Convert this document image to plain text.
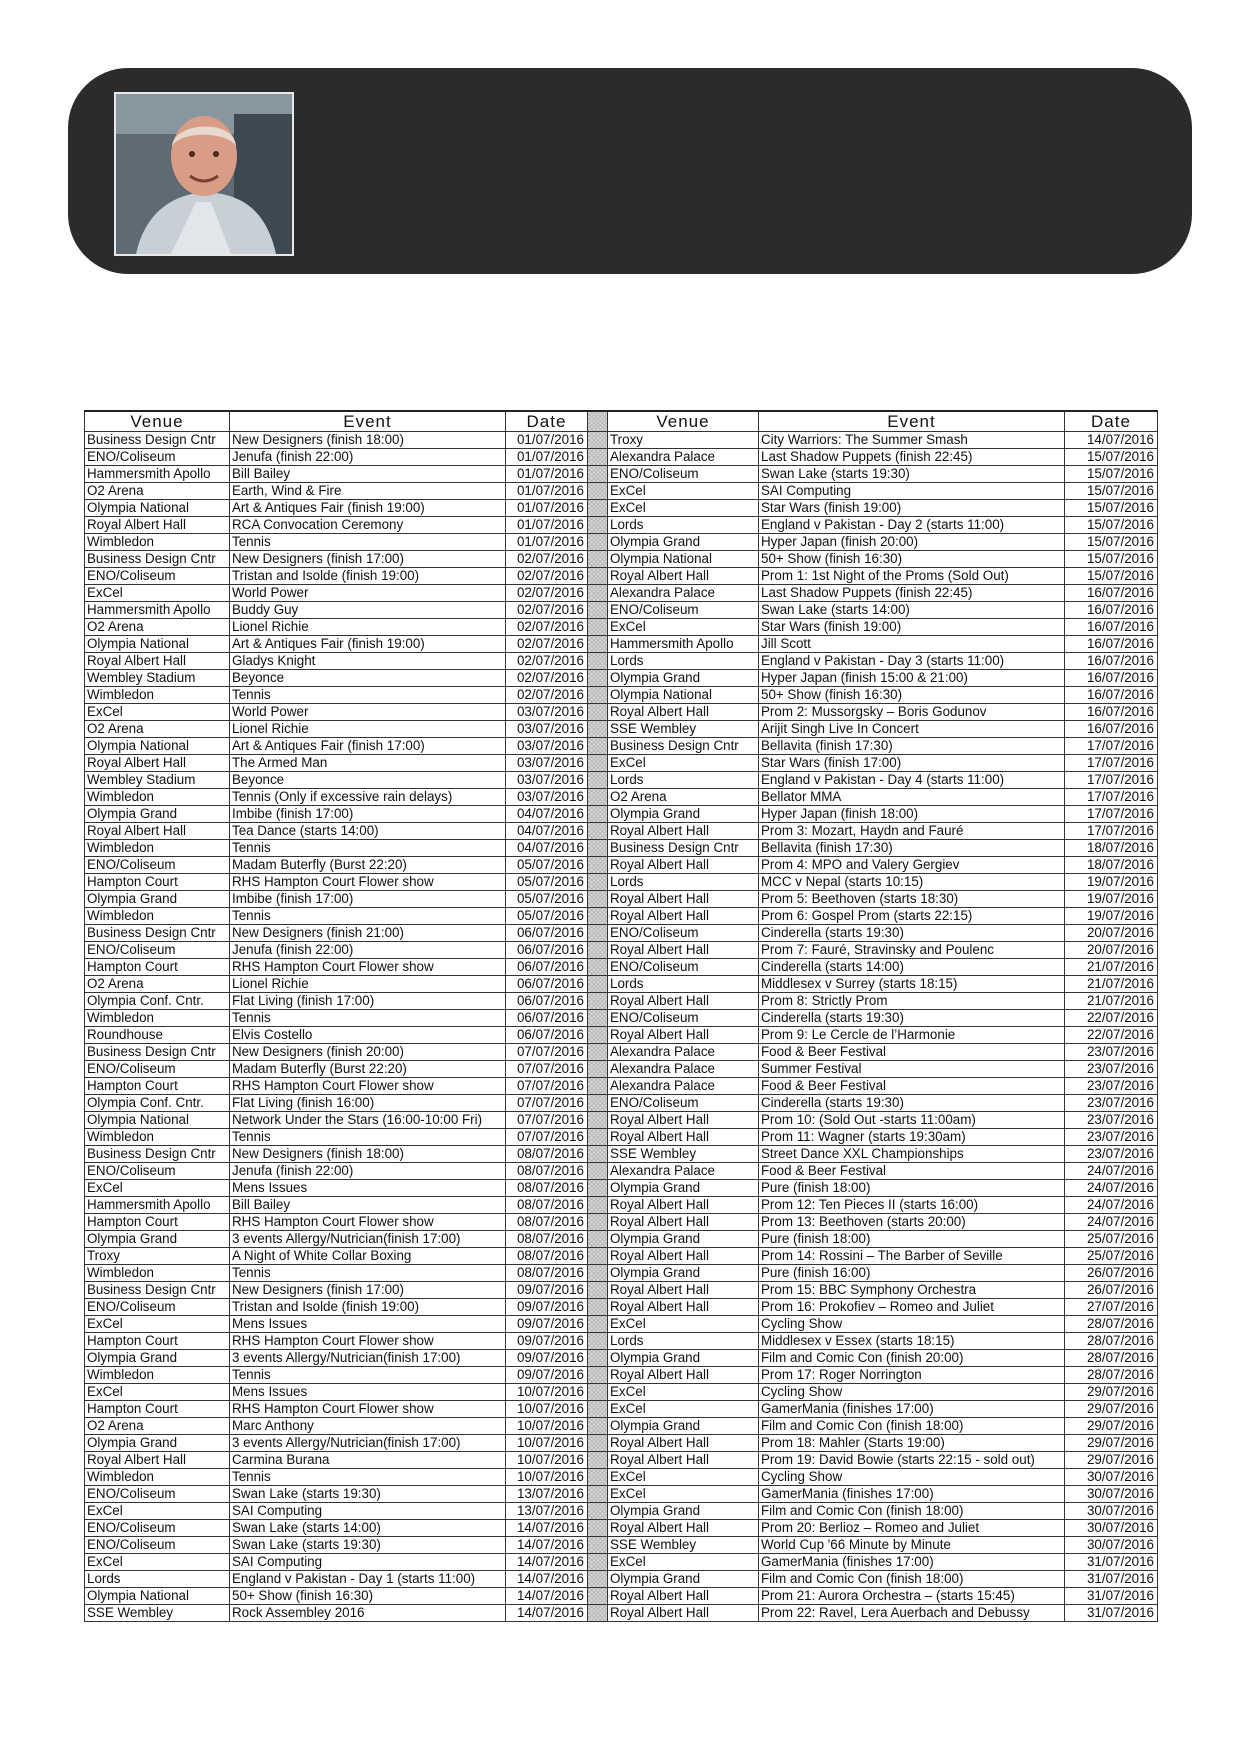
Venue	Event	Date		Venue	Event	Date
Business Design Cntr	New Designers (finish 18:00)	01/07/2016		Troxy	City Warriors: The Summer Smash	14/07/2016
ENO/Coliseum	Jenufa (finish 22:00)	01/07/2016		Alexandra Palace	Last Shadow Puppets (finish 22:45)	15/07/2016
Hammersmith Apollo	Bill Bailey	01/07/2016		ENO/Coliseum	Swan Lake (starts 19:30)	15/07/2016
O2 Arena	Earth, Wind & Fire	01/07/2016		ExCel	SAI Computing	15/07/2016
Olympia National	Art & Antiques Fair (finish 19:00)	01/07/2016		ExCel	Star Wars (finish 19:00)	15/07/2016
Royal Albert Hall	RCA Convocation Ceremony	01/07/2016		Lords	England v Pakistan - Day 2 (starts 11:00)	15/07/2016
Wimbledon	Tennis	01/07/2016		Olympia Grand	Hyper Japan (finish 20:00)	15/07/2016
Business Design Cntr	New Designers (finish 17:00)	02/07/2016		Olympia National	50+ Show (finish 16:30)	15/07/2016
ENO/Coliseum	Tristan and Isolde (finish 19:00)	02/07/2016		Royal Albert Hall	Prom 1: 1st Night of the Proms (Sold Out)	15/07/2016
ExCel	World Power	02/07/2016		Alexandra Palace	Last Shadow Puppets (finish 22:45)	16/07/2016
Hammersmith Apollo	Buddy Guy	02/07/2016		ENO/Coliseum	Swan Lake (starts 14:00)	16/07/2016
O2 Arena	Lionel Richie	02/07/2016		ExCel	Star Wars (finish 19:00)	16/07/2016
Olympia National	Art & Antiques Fair (finish 19:00)	02/07/2016		Hammersmith Apollo	Jill Scott	16/07/2016
Royal Albert Hall	Gladys Knight	02/07/2016		Lords	England v Pakistan - Day 3 (starts 11:00)	16/07/2016
Wembley Stadium	Beyonce	02/07/2016		Olympia Grand	Hyper Japan (finish 15:00 & 21:00)	16/07/2016
Wimbledon	Tennis	02/07/2016		Olympia National	50+ Show (finish 16:30)	16/07/2016
ExCel	World Power	03/07/2016		Royal Albert Hall	Prom 2: Mussorgsky – Boris Godunov	16/07/2016
O2 Arena	Lionel Richie	03/07/2016		SSE Wembley	Arijit Singh Live In Concert	16/07/2016
Olympia National	Art & Antiques Fair (finish 17:00)	03/07/2016		Business Design Cntr	Bellavita (finish 17:30)	17/07/2016
Royal Albert Hall	The Armed Man	03/07/2016		ExCel	Star Wars (finish 17:00)	17/07/2016
Wembley Stadium	Beyonce	03/07/2016		Lords	England v Pakistan - Day 4 (starts 11:00)	17/07/2016
Wimbledon	Tennis (Only if excessive rain delays)	03/07/2016		O2 Arena	Bellator MMA	17/07/2016
Olympia Grand	Imbibe (finish 17:00)	04/07/2016		Olympia Grand	Hyper Japan (finish 18:00)	17/07/2016
Royal Albert Hall	Tea Dance (starts 14:00)	04/07/2016		Royal Albert Hall	Prom 3: Mozart, Haydn and Fauré	17/07/2016
Wimbledon	Tennis	04/07/2016		Business Design Cntr	Bellavita (finish 17:30)	18/07/2016
ENO/Coliseum	Madam Buterfly (Burst 22:20)	05/07/2016		Royal Albert Hall	Prom 4: MPO and Valery Gergiev	18/07/2016
Hampton Court	RHS Hampton Court Flower show	05/07/2016		Lords	MCC v Nepal (starts 10:15)	19/07/2016
Olympia Grand	Imbibe (finish 17:00)	05/07/2016		Royal Albert Hall	Prom 5: Beethoven (starts 18:30)	19/07/2016
Wimbledon	Tennis	05/07/2016		Royal Albert Hall	Prom 6: Gospel Prom (starts 22:15)	19/07/2016
Business Design Cntr	New Designers (finish 21:00)	06/07/2016		ENO/Coliseum	Cinderella (starts 19:30)	20/07/2016
ENO/Coliseum	Jenufa (finish 22:00)	06/07/2016		Royal Albert Hall	Prom 7: Fauré, Stravinsky and Poulenc	20/07/2016
Hampton Court	RHS Hampton Court Flower show	06/07/2016		ENO/Coliseum	Cinderella (starts 14:00)	21/07/2016
O2 Arena	Lionel Richie	06/07/2016		Lords	Middlesex v Surrey (starts 18:15)	21/07/2016
Olympia Conf. Cntr.	Flat Living (finish 17:00)	06/07/2016		Royal Albert Hall	Prom 8: Strictly Prom	21/07/2016
Wimbledon	Tennis	06/07/2016		ENO/Coliseum	Cinderella (starts 19:30)	22/07/2016
Roundhouse	Elvis Costello	06/07/2016		Royal Albert Hall	Prom 9: Le Cercle de l’Harmonie	22/07/2016
Business Design Cntr	New Designers (finish 20:00)	07/07/2016		Alexandra Palace	Food & Beer Festival	23/07/2016
ENO/Coliseum	Madam Buterfly (Burst 22:20)	07/07/2016		Alexandra Palace	Summer Festival	23/07/2016
Hampton Court	RHS Hampton Court Flower show	07/07/2016		Alexandra Palace	Food & Beer Festival	23/07/2016
Olympia Conf. Cntr.	Flat Living (finish 16:00)	07/07/2016		ENO/Coliseum	Cinderella (starts 19:30)	23/07/2016
Olympia National	Network Under the Stars (16:00-10:00 Fri)	07/07/2016		Royal Albert Hall	Prom 10: (Sold Out -starts 11:00am)	23/07/2016
Wimbledon	Tennis	07/07/2016		Royal Albert Hall	Prom 11: Wagner (starts 19:30am)	23/07/2016
Business Design Cntr	New Designers (finish 18:00)	08/07/2016		SSE Wembley	Street Dance XXL Championships	23/07/2016
ENO/Coliseum	Jenufa (finish 22:00)	08/07/2016		Alexandra Palace	Food & Beer Festival	24/07/2016
ExCel	Mens Issues	08/07/2016		Olympia Grand	Pure (finish 18:00)	24/07/2016
Hammersmith Apollo	Bill Bailey	08/07/2016		Royal Albert Hall	Prom 12: Ten Pieces II (starts 16:00)	24/07/2016
Hampton Court	RHS Hampton Court Flower show	08/07/2016		Royal Albert Hall	Prom 13: Beethoven (starts 20:00)	24/07/2016
Olympia Grand	3 events Allergy/Nutrician(finish 17:00)	08/07/2016		Olympia Grand	Pure (finish 18:00)	25/07/2016
Troxy	A Night of White Collar Boxing	08/07/2016		Royal Albert Hall	Prom 14: Rossini – The Barber of Seville	25/07/2016
Wimbledon	Tennis	08/07/2016		Olympia Grand	Pure (finish 16:00)	26/07/2016
Business Design Cntr	New Designers (finish 17:00)	09/07/2016		Royal Albert Hall	Prom 15: BBC Symphony Orchestra	26/07/2016
ENO/Coliseum	Tristan and Isolde (finish 19:00)	09/07/2016		Royal Albert Hall	Prom 16: Prokofiev – Romeo and Juliet	27/07/2016
ExCel	Mens Issues	09/07/2016		ExCel	Cycling Show	28/07/2016
Hampton Court	RHS Hampton Court Flower show	09/07/2016		Lords	Middlesex v Essex (starts 18:15)	28/07/2016
Olympia Grand	3 events Allergy/Nutrician(finish 17:00)	09/07/2016		Olympia Grand	Film and Comic Con (finish 20:00)	28/07/2016
Wimbledon	Tennis	09/07/2016		Royal Albert Hall	Prom 17: Roger Norrington	28/07/2016
ExCel	Mens Issues	10/07/2016		ExCel	Cycling Show	29/07/2016
Hampton Court	RHS Hampton Court Flower show	10/07/2016		ExCel	GamerMania (finishes 17:00)	29/07/2016
O2 Arena	Marc Anthony	10/07/2016		Olympia Grand	Film and Comic Con (finish 18:00)	29/07/2016
Olympia Grand	3 events Allergy/Nutrician(finish 17:00)	10/07/2016		Royal Albert Hall	Prom 18: Mahler (Starts 19:00)	29/07/2016
Royal Albert Hall	Carmina Burana	10/07/2016		Royal Albert Hall	Prom 19: David Bowie (starts 22:15 - sold out)	29/07/2016
Wimbledon	Tennis	10/07/2016		ExCel	Cycling Show	30/07/2016
ENO/Coliseum	Swan Lake (starts 19:30)	13/07/2016		ExCel	GamerMania (finishes 17:00)	30/07/2016
ExCel	SAI Computing	13/07/2016		Olympia Grand	Film and Comic Con (finish 18:00)	30/07/2016
ENO/Coliseum	Swan Lake (starts 14:00)	14/07/2016		Royal Albert Hall	Prom 20: Berlioz – Romeo and Juliet	30/07/2016
ENO/Coliseum	Swan Lake (starts 19:30)	14/07/2016		SSE Wembley	World Cup '66 Minute by Minute	30/07/2016
ExCel	SAI Computing	14/07/2016		ExCel	GamerMania (finishes 17:00)	31/07/2016
Lords	England v Pakistan - Day 1 (starts 11:00)	14/07/2016		Olympia Grand	Film and Comic Con (finish 18:00)	31/07/2016
Olympia National	50+ Show (finish 16:30)	14/07/2016		Royal Albert Hall	Prom 21: Aurora Orchestra – (starts 15:45)	31/07/2016
SSE Wembley	Rock Assembley 2016	14/07/2016		Royal Albert Hall	Prom 22: Ravel, Lera Auerbach and Debussy	31/07/2016
